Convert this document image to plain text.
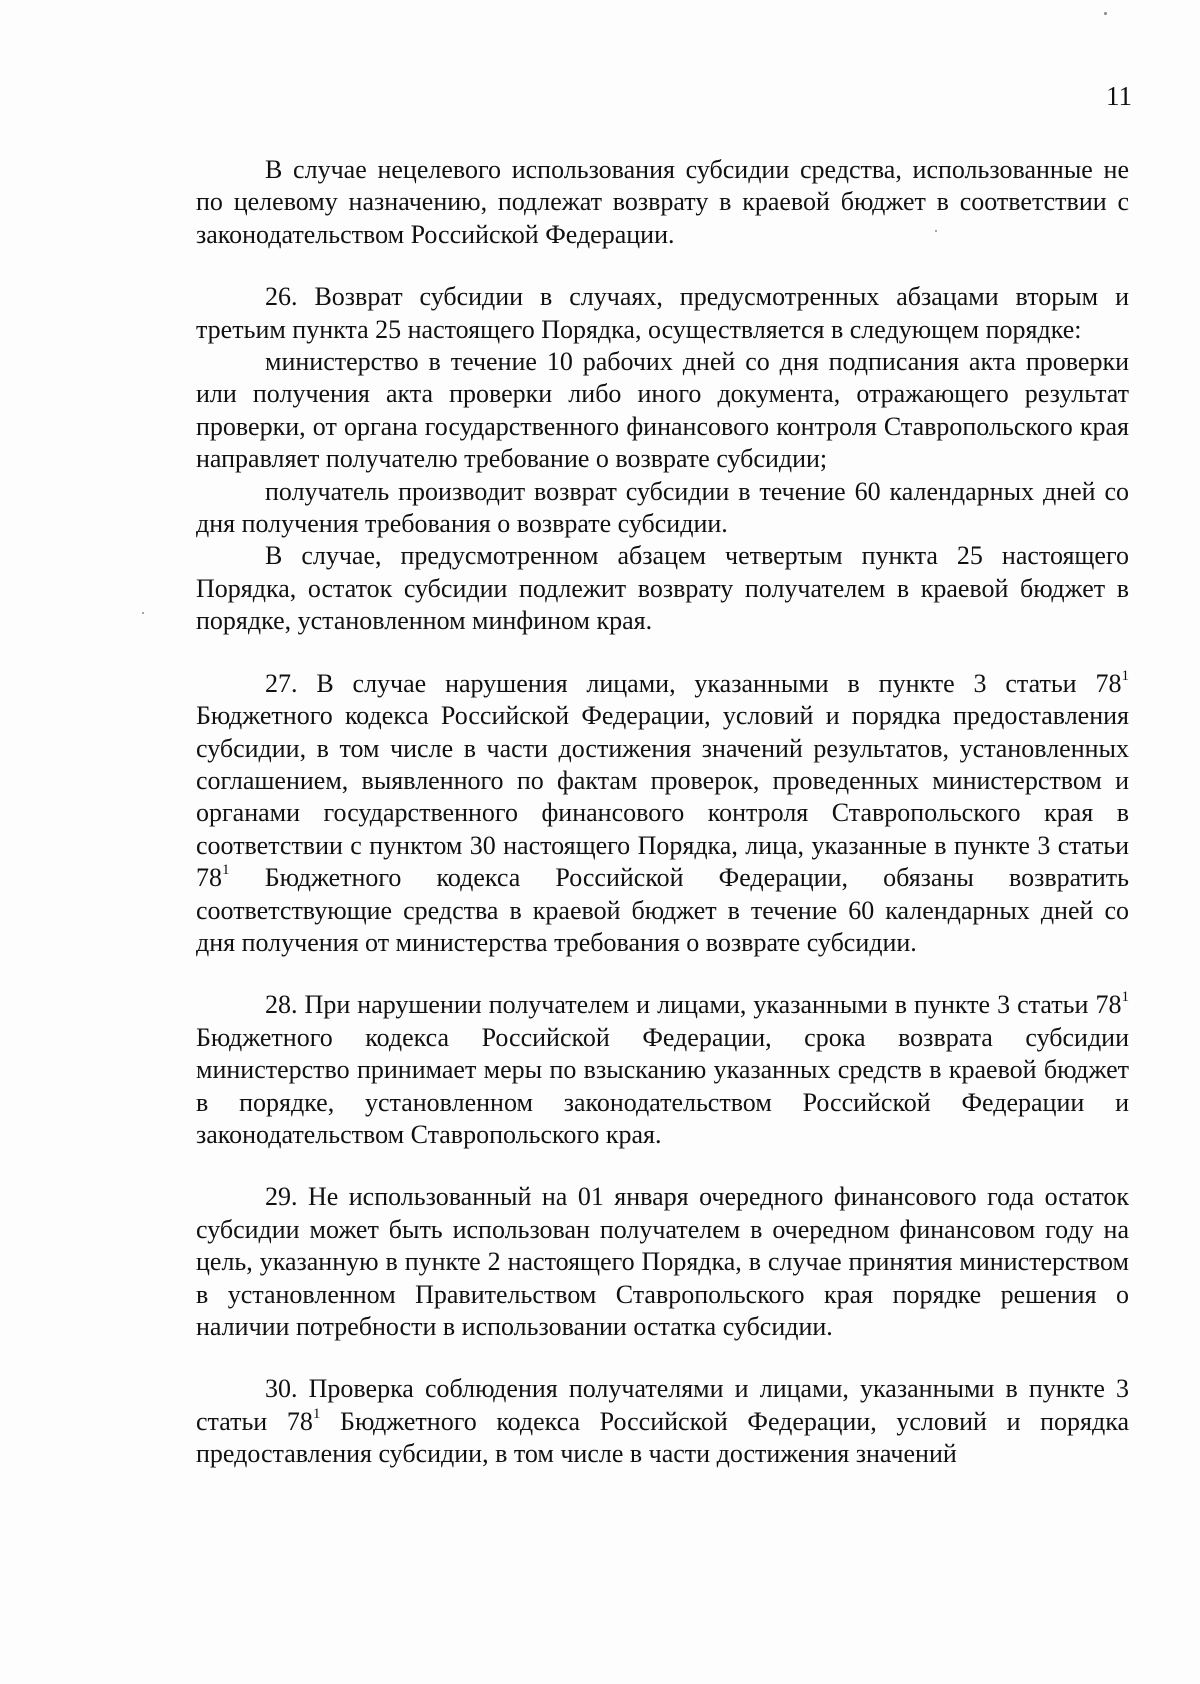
11

В случае нецелевого использования субсидии средства, использованные не по целевому назначению, подлежат возврату в краевой бюджет в соответствии с законодательством Российской Федерации.

26. Возврат субсидии в случаях, предусмотренных абзацами вторым и третьим пункта 25 настоящего Порядка, осуществляется в следующем порядке:

министерство в течение 10 рабочих дней со дня подписания акта проверки или получения акта проверки либо иного документа, отражающего результат проверки, от органа государственного финансового контроля Ставропольского края направляет получателю требование о возврате субсидии;

получатель производит возврат субсидии в течение 60 календарных дней со дня получения требования о возврате субсидии.

В случае, предусмотренном абзацем четвертым пункта 25 настоящего Порядка, остаток субсидии подлежит возврату получателем в краевой бюджет в порядке, установленном минфином края.

27. В случае нарушения лицами, указанными в пункте 3 статьи $78^1$ Бюджетного кодекса Российской Федерации, условий и порядка предоставления субсидии, в том числе в части достижения значений результатов, установленных соглашением, выявленного по фактам проверок, проведенных министерством и органами государственного финансового контроля Ставропольского края в соответствии с пунктом 30 настоящего Порядка, лица, указанные в пункте 3 статьи $78^1$ Бюджетного кодекса Российской Федерации, обязаны возвратить соответствующие средства в краевой бюджет в течение 60 календарных дней со дня получения от министерства требования о возврате субсидии.

28. При нарушении получателем и лицами, указанными в пункте 3 статьи $78^1$ Бюджетного кодекса Российской Федерации, срока возврата субсидии министерство принимает меры по взысканию указанных средств в краевой бюджет в порядке, установленном законодательством Российской Федерации и законодательством Ставропольского края.

29. Не использованный на 01 января очередного финансового года остаток субсидии может быть использован получателем в очередном финансовом году на цель, указанную в пункте 2 настоящего Порядка, в случае принятия министерством в установленном Правительством Ставропольского края порядке решения о наличии потребности в использовании остатка субсидии.

30. Проверка соблюдения получателями и лицами, указанными в пункте 3 статьи $78^1$ Бюджетного кодекса Российской Федерации, условий и порядка предоставления субсидии, в том числе в части достижения значений
